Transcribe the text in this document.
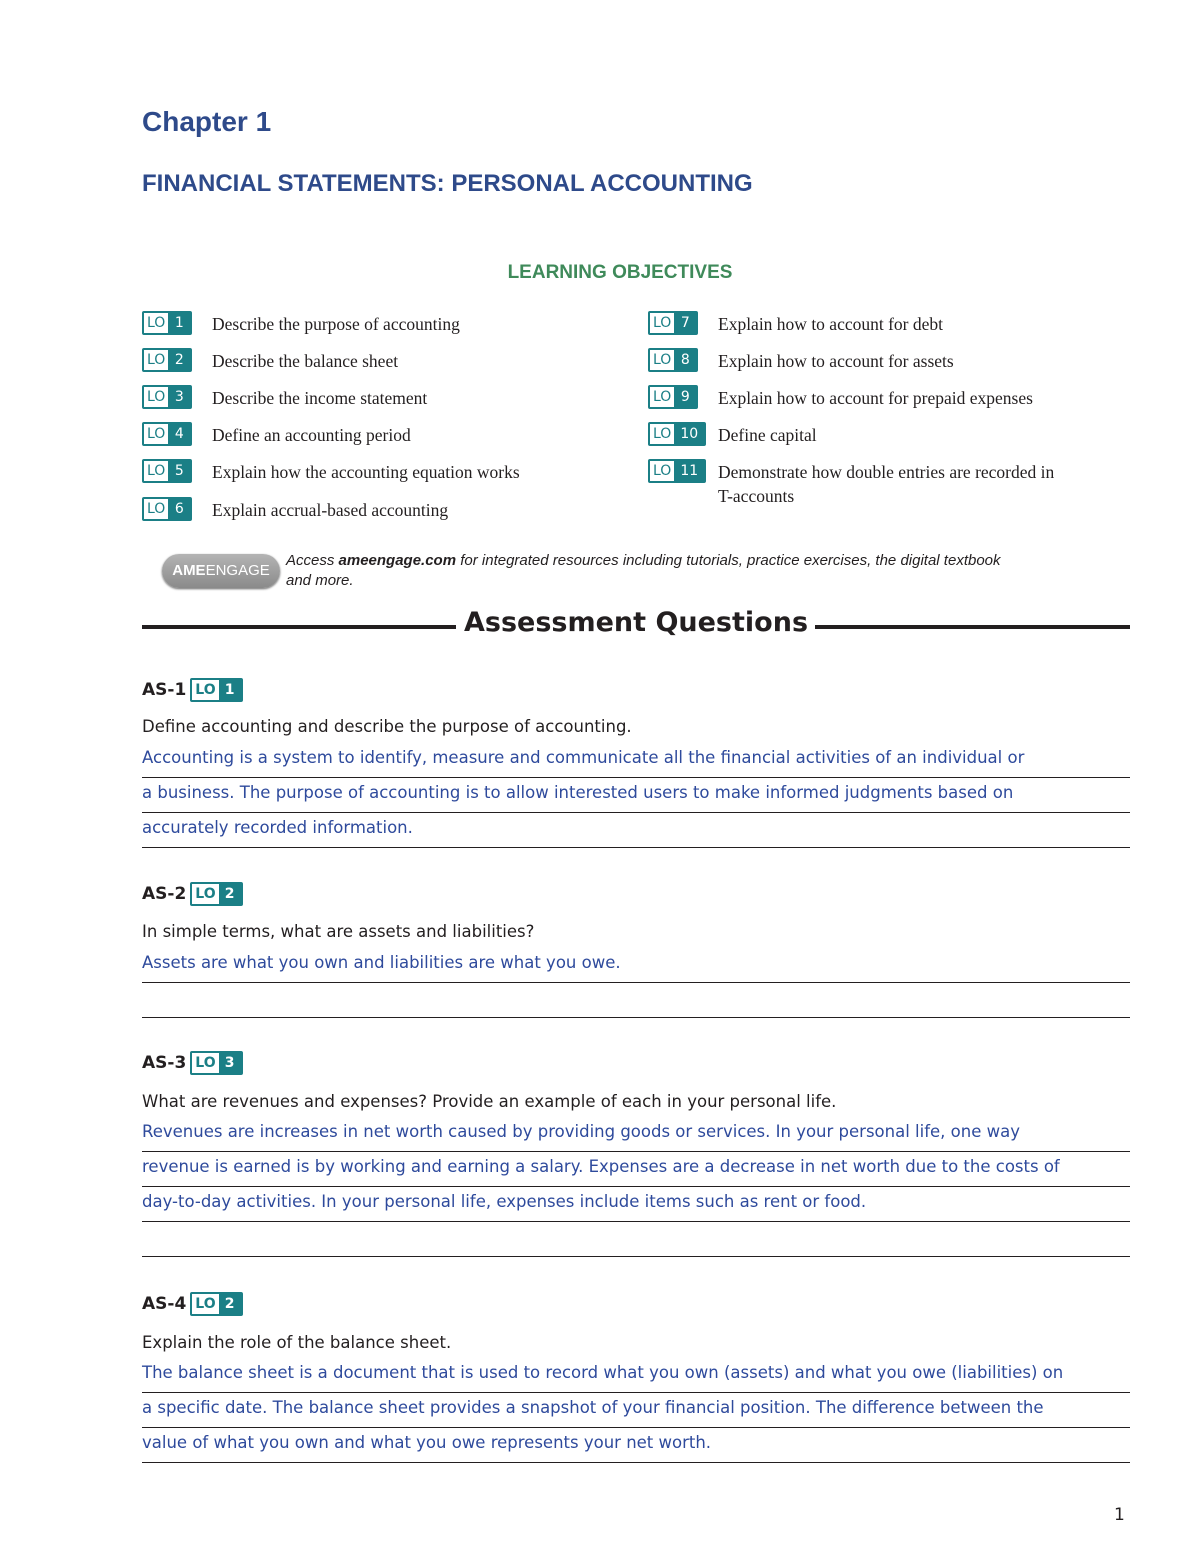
Chapter 1
FINANCIAL STATEMENTS: PERSONAL ACCOUNTING
LEARNING OBJECTIVES
LO 1	Describe the purpose of accounting
LO 2	Describe the balance sheet
LO 3	Describe the income statement
LO 4	Define an accounting period
LO 5	Explain how the accounting equation works
LO 6	Explain accrual-based accounting
LO 7	Explain how to account for debt
LO 8	Explain how to account for assets
LO 9	Explain how to account for prepaid expenses
LO 10	Define capital
LO 11	Demonstrate how double entries are recorded in
T-accounts
AMEENGAGE
Access ameengage.com for integrated resources including tutorials, practice exercises, the digital textbook
and more.
Assessment Questions
AS-1 LO 1
Define accounting and describe the purpose of accounting.
Accounting is a system to identify, measure and communicate all the financial activities of an individual or
a business. The purpose of accounting is to allow interested users to make informed judgments based on
accurately recorded information.
AS-2 LO 2
In simple terms, what are assets and liabilities?
Assets are what you own and liabilities are what you owe.
AS-3 LO 3
What are revenues and expenses? Provide an example of each in your personal life.
Revenues are increases in net worth caused by providing goods or services. In your personal life, one way
revenue is earned is by working and earning a salary. Expenses are a decrease in net worth due to the costs of
day-to-day activities. In your personal life, expenses include items such as rent or food.
AS-4 LO 2
Explain the role of the balance sheet.
The balance sheet is a document that is used to record what you own (assets) and what you owe (liabilities) on
a specific date. The balance sheet provides a snapshot of your financial position. The difference between the
value of what you own and what you owe represents your net worth.
1
